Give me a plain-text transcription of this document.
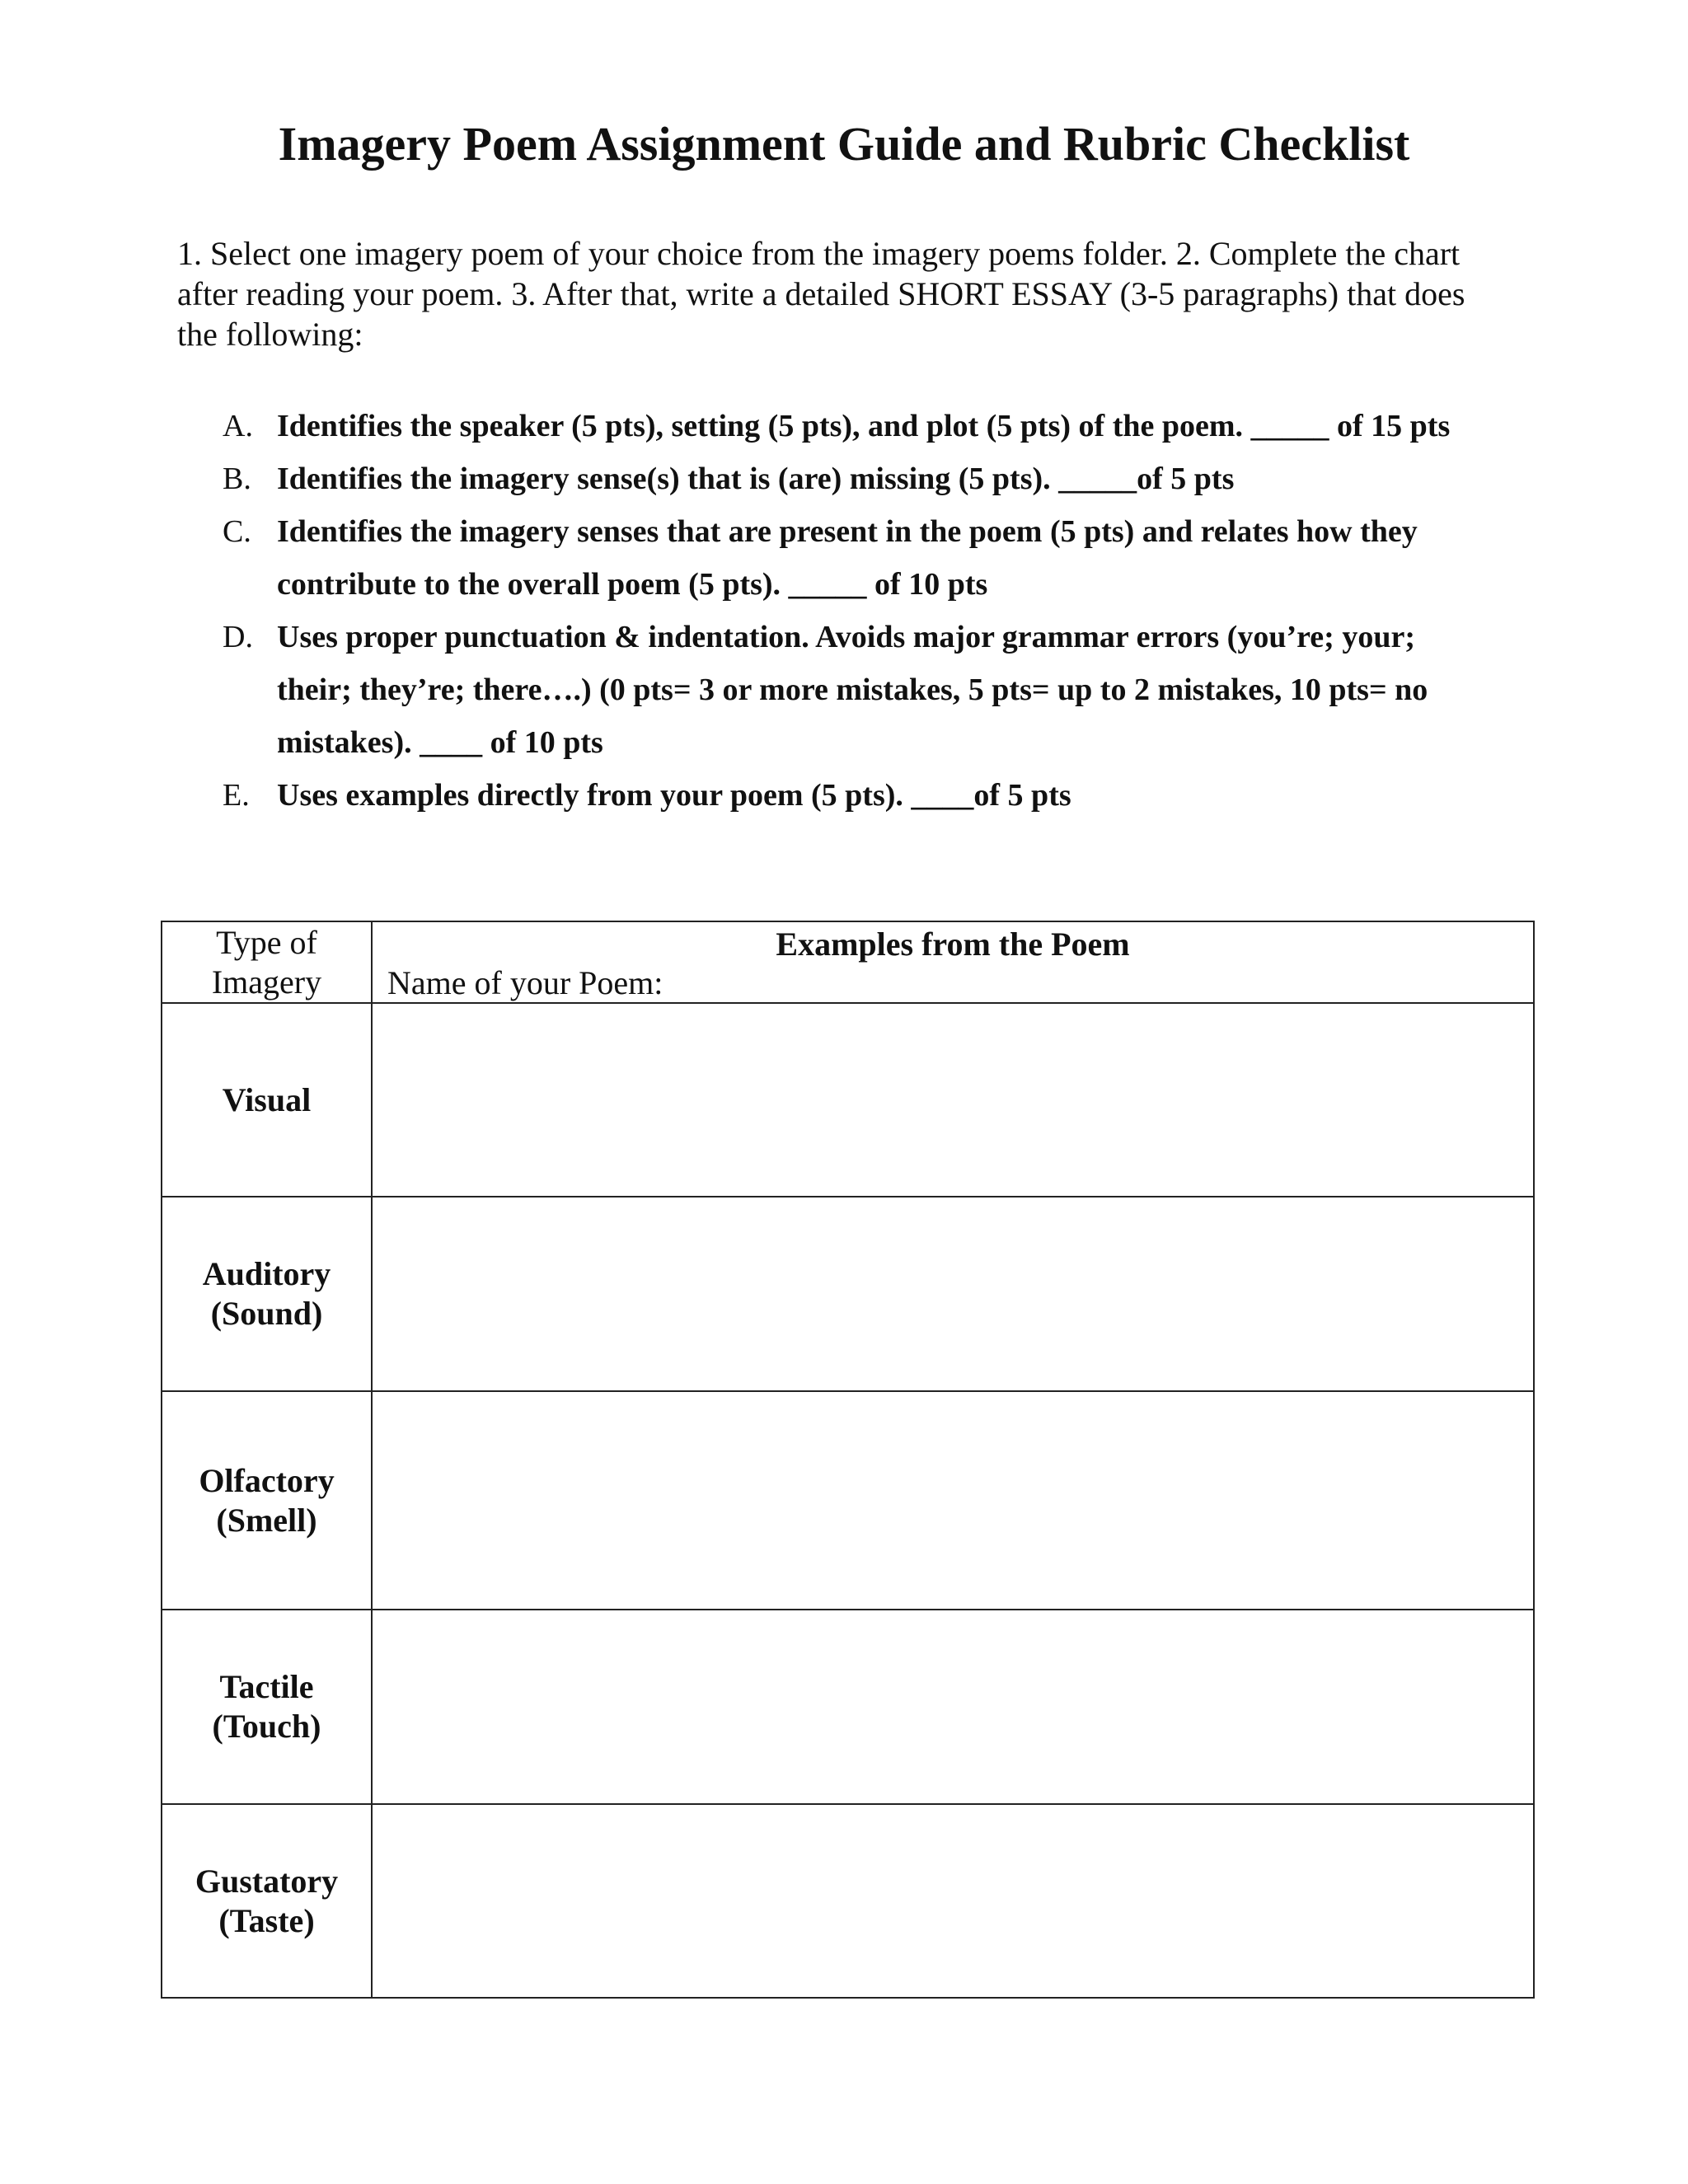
Imagery Poem Assignment Guide and Rubric Checklist

1. Select one imagery poem of your choice from the imagery poems folder. 2. Complete the chart after reading your poem. 3. After that, write a detailed SHORT ESSAY (3-5 paragraphs) that does the following:

A. Identifies the speaker (5 pts), setting (5 pts), and plot (5 pts) of the poem. _____ of 15 pts
B. Identifies the imagery sense(s) that is (are) missing (5 pts). _____of 5 pts
C. Identifies the imagery senses that are present in the poem (5 pts) and relates how they contribute to the overall poem (5 pts). _____ of 10 pts
D. Uses proper punctuation & indentation. Avoids major grammar errors (you’re; your; their; they’re; there….) (0 pts= 3 or more mistakes, 5 pts= up to 2 mistakes, 10 pts= no mistakes). ____ of 10 pts
E. Uses examples directly from your poem (5 pts). ____of 5 pts
Type of Imagery	Examples from the Poem
Name of your Poem:

Visual	
Auditory
(Sound)	
Olfactory
(Smell)	
Tactile
(Touch)	
Gustatory
(Taste)	
